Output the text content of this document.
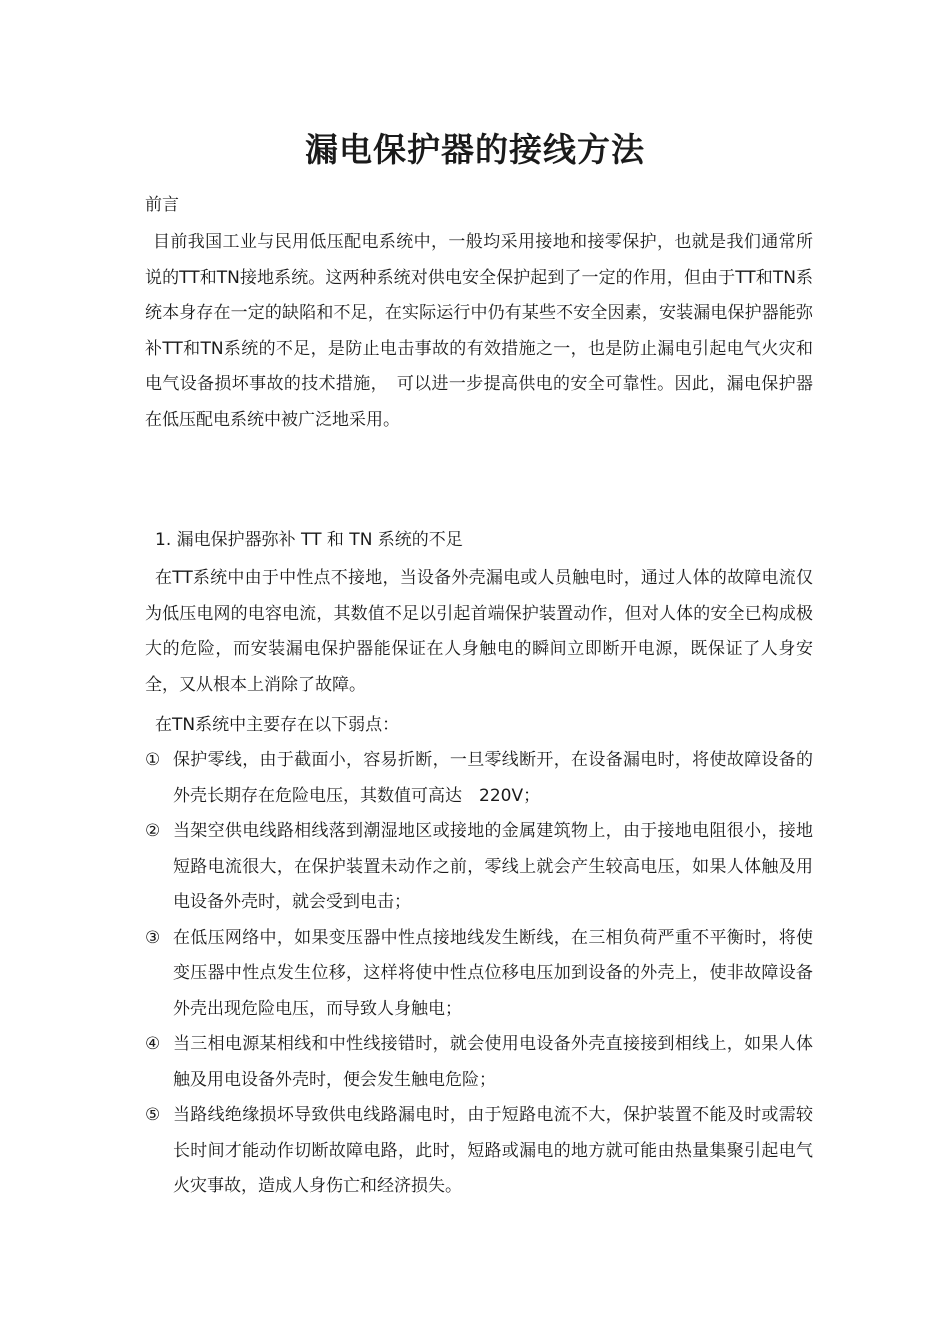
漏电保护器的接线方法
前言
目前我国工业与民用低压配电系统中，一般均采用接地和接零保护，也就是我们通常所说的TT和TN接地系统。这两种系统对供电安全保护起到了一定的作用，但由于TT和TN系统本身存在一定的缺陷和不足，在实际运行中仍有某些不安全因素，安装漏电保护器能弥补TT和TN系统的不足，是防止电击事故的有效措施之一，也是防止漏电引起电气火灾和电气设备损坏事故的技术措施，　可以进一步提高供电的安全可靠性。因此，漏电保护器在低压配电系统中被广泛地采用。
1. 漏电保护器弥补 TT 和 TN 系统的不足
在TT系统中由于中性点不接地，当设备外壳漏电或人员触电时，通过人体的故障电流仅为低压电网的电容电流，其数值不足以引起首端保护装置动作，但对人体的安全已构成极大的危险，而安装漏电保护器能保证在人身触电的瞬间立即断开电源，既保证了人身安全，又从根本上消除了故障。
在TN系统中主要存在以下弱点：
① 保护零线，由于截面小，容易折断，一旦零线断开，在设备漏电时，将使故障设备的外壳长期存在危险电压，其数值可高达　220V；
② 当架空供电线路相线落到潮湿地区或接地的金属建筑物上，由于接地电阻很小，接地短路电流很大，在保护装置未动作之前，零线上就会产生较高电压，如果人体触及用电设备外壳时，就会受到电击；
③ 在低压网络中，如果变压器中性点接地线发生断线，在三相负荷严重不平衡时，将使变压器中性点发生位移，这样将使中性点位移电压加到设备的外壳上，使非故障设备外壳出现危险电压，而导致人身触电；
④ 当三相电源某相线和中性线接错时，就会使用电设备外壳直接接到相线上，如果人体触及用电设备外壳时，便会发生触电危险；
⑤ 当路线绝缘损坏导致供电线路漏电时，由于短路电流不大，保护装置不能及时或需较长时间才能动作切断故障电路，此时，短路或漏电的地方就可能由热量集聚引起电气火灾事故，造成人身伤亡和经济损失。
